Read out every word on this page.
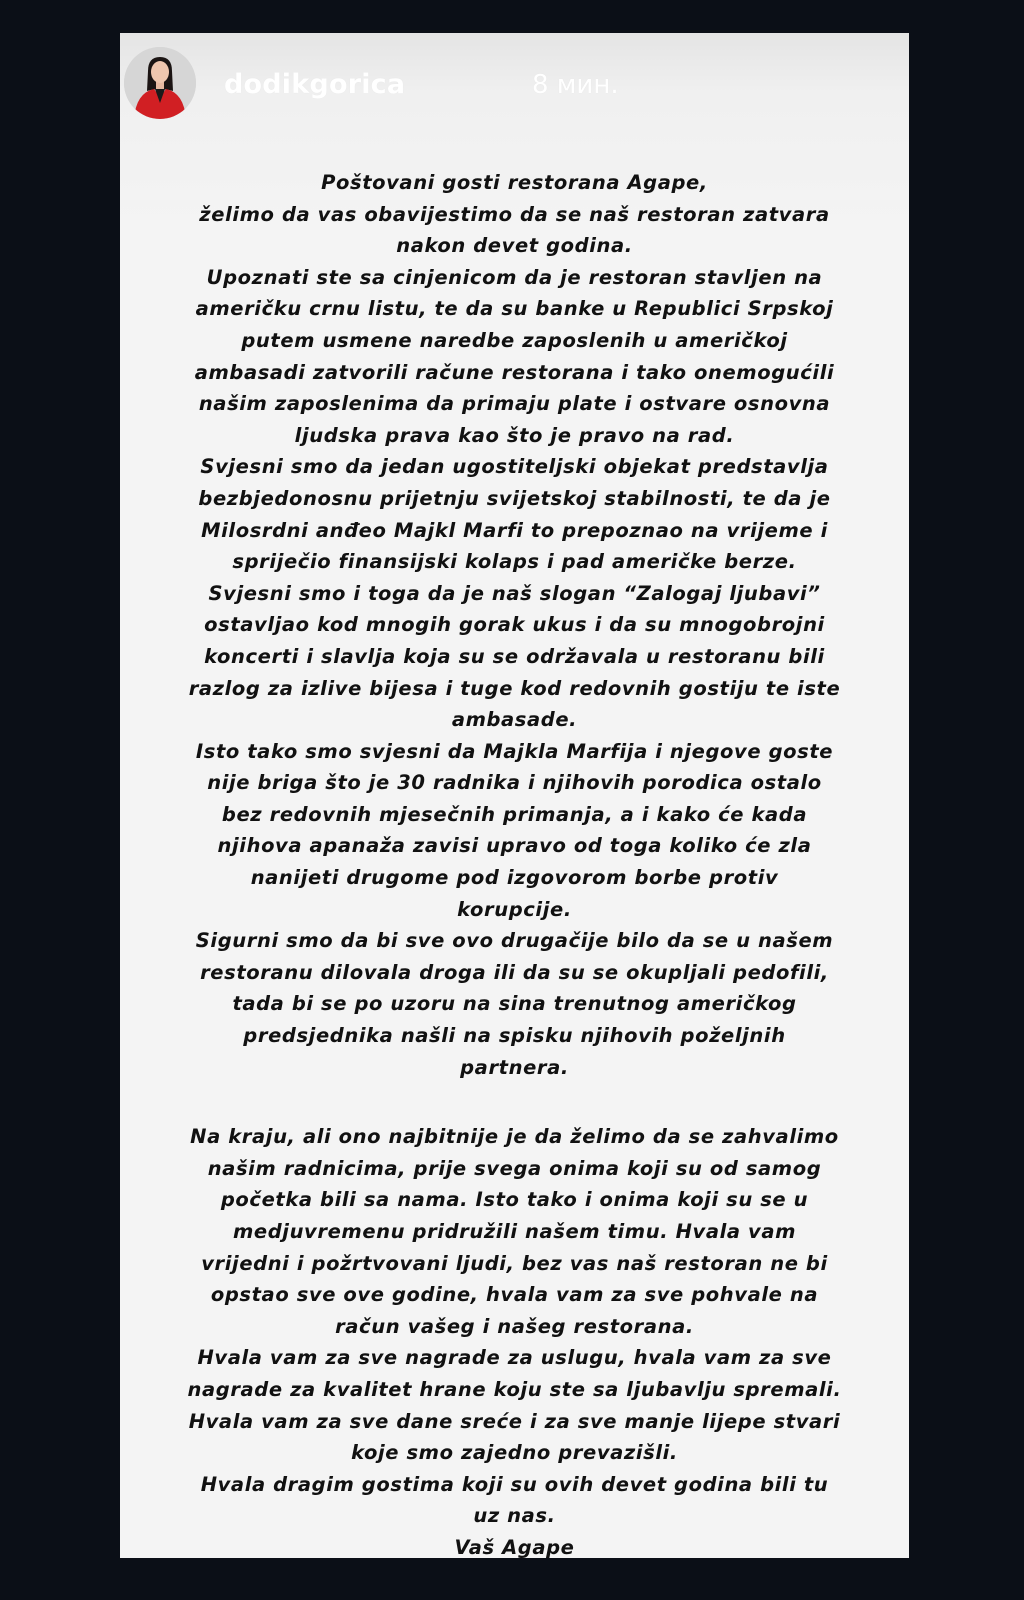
dodikgorica	8 мин.
Poštovani gosti restorana Agape,
želimo da vas obavijestimo da se naš restoran zatvara
nakon devet godina.
Upoznati ste sa cinjenicom da je restoran stavljen na
američku crnu listu, te da su banke u Republici Srpskoj
putem usmene naredbe zaposlenih u američkoj
ambasadi zatvorili račune restorana i tako onemogućili
našim zaposlenima da primaju plate i ostvare osnovna
ljudska prava kao što je pravo na rad.
Svjesni smo da jedan ugostiteljski objekat predstavlja
bezbjedonosnu prijetnju svijetskoj stabilnosti, te da je
Milosrdni anđeo Majkl Marfi to prepoznao na vrijeme i
spriječio finansijski kolaps i pad američke berze.
Svjesni smo i toga da je naš slogan “Zalogaj ljubavi”
ostavljao kod mnogih gorak ukus i da su mnogobrojni
koncerti i slavlja koja su se održavala u restoranu bili
razlog za izlive bijesa i tuge kod redovnih gostiju te iste
ambasade.
Isto tako smo svjesni da Majkla Marfija i njegove goste
nije briga što je 30 radnika i njihovih porodica ostalo
bez redovnih mjesečnih primanja, a i kako će kada
njihova apanaža zavisi upravo od toga koliko će zla
nanijeti drugome pod izgovorom borbe protiv
korupcije.
Sigurni smo da bi sve ovo drugačije bilo da se u našem
restoranu dilovala droga ili da su se okupljali pedofili,
tada bi se po uzoru na sina trenutnog američkog
predsjednika našli na spisku njihovih poželjnih
partnera.
Na kraju, ali ono najbitnije je da želimo da se zahvalimo
našim radnicima, prije svega onima koji su od samog
početka bili sa nama. Isto tako i onima koji su se u
medjuvremenu pridružili našem timu. Hvala vam
vrijedni i požrtvovani ljudi, bez vas naš restoran ne bi
opstao sve ove godine, hvala vam za sve pohvale na
račun vašeg i našeg restorana.
Hvala vam za sve nagrade za uslugu, hvala vam za sve
nagrade za kvalitet hrane koju ste sa ljubavlju spremali.
Hvala vam za sve dane sreće i za sve manje lijepe stvari
koje smo zajedno prevazišli.
Hvala dragim gostima koji su ovih devet godina bili tu
uz nas.
Vaš Agape
